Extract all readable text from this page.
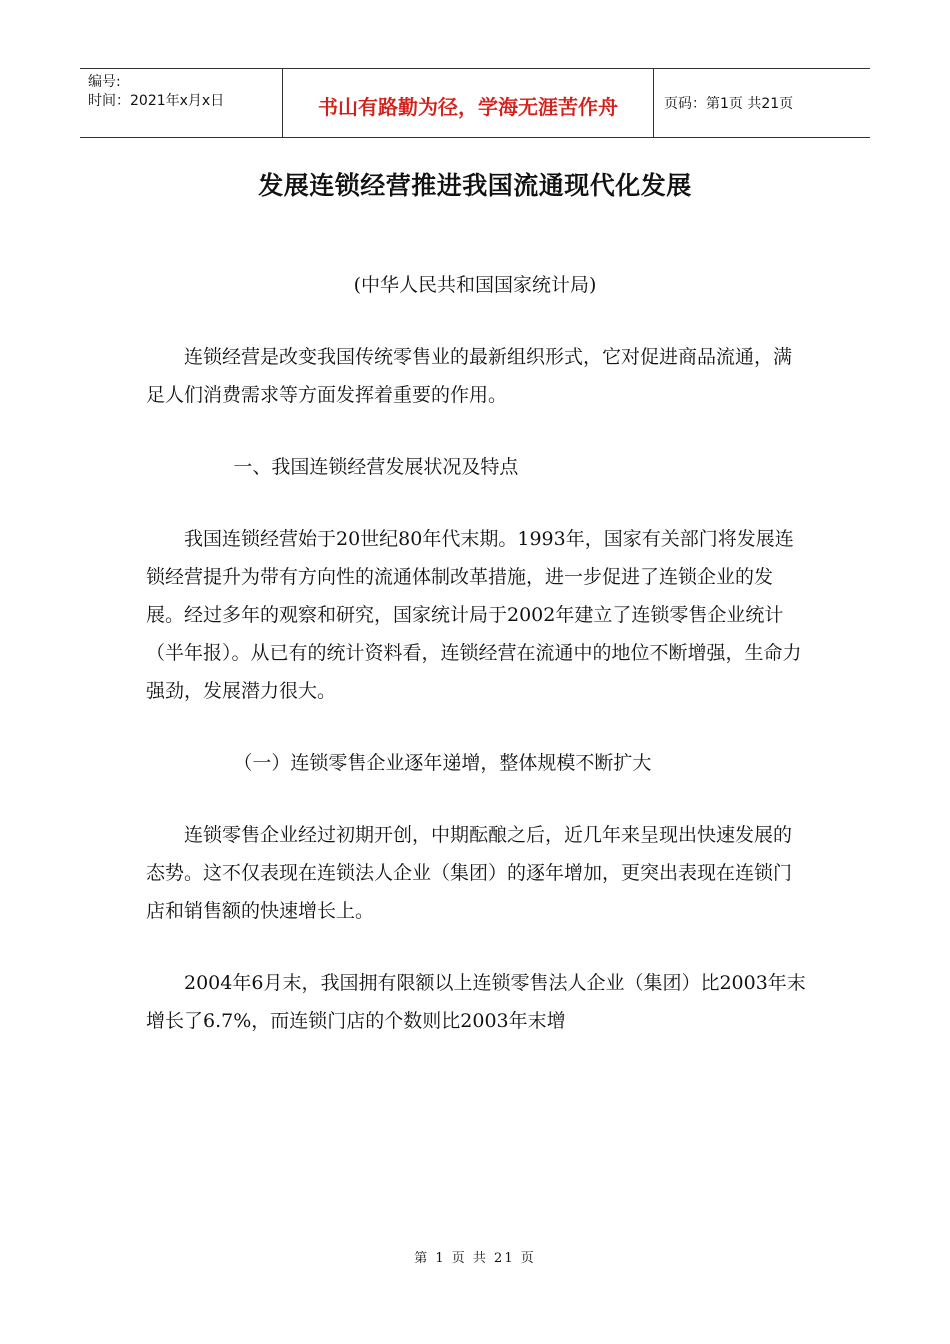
编号:
时间：2021年x月x日	书山有路勤为径，学海无涯苦作舟	页码：第1页 共21页
发展连锁经营推进我国流通现代化发展
(中华人民共和国国家统计局)

连锁经营是改变我国传统零售业的最新组织形式，它对促进商品流通，满足人们消费需求等方面发挥着重要的作用。

一、我国连锁经营发展状况及特点

我国连锁经营始于20世纪80年代末期。1993年，国家有关部门将发展连锁经营提升为带有方向性的流通体制改革措施，进一步促进了连锁企业的发展。经过多年的观察和研究，国家统计局于2002年建立了连锁零售企业统计（半年报）。从已有的统计资料看，连锁经营在流通中的地位不断增强，生命力强劲，发展潜力很大。

（一）连锁零售企业逐年递增，整体规模不断扩大

连锁零售企业经过初期开创，中期酝酿之后，近几年来呈现出快速发展的态势。这不仅表现在连锁法人企业（集团）的逐年增加，更突出表现在连锁门店和销售额的快速增长上。

2004年6月末，我国拥有限额以上连锁零售法人企业（集团）比2003年末增长了6.7%，而连锁门店的个数则比2003年末增

第 1 页 共 21 页
